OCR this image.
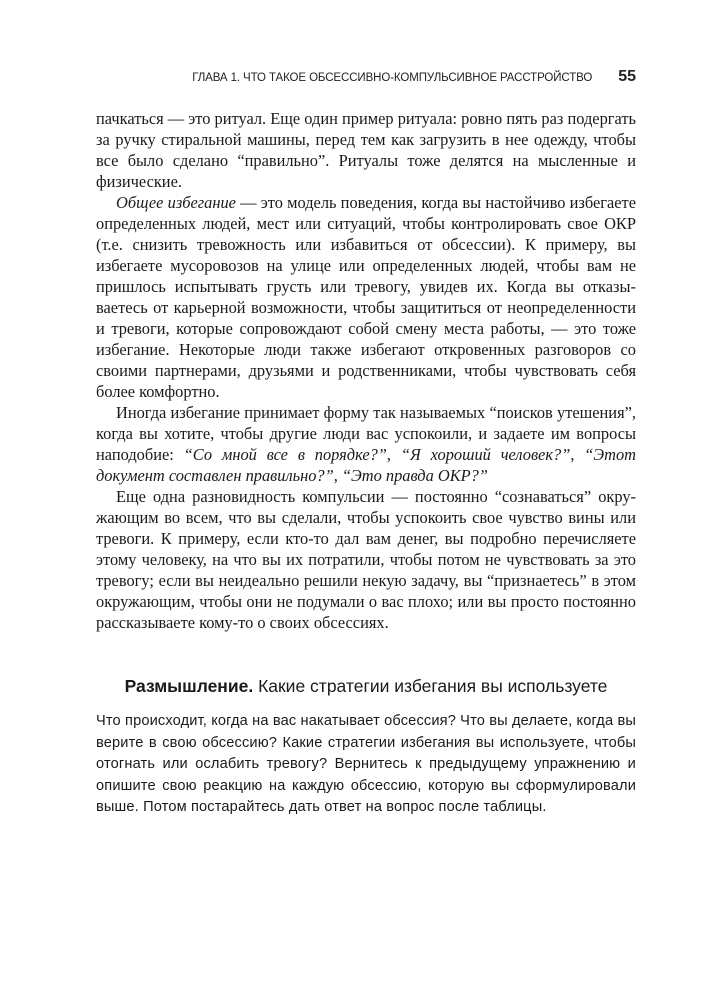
ГЛАВА 1. ЧТО ТАКОЕ ОБСЕССИВНО-КОМПУЛЬСИВНОЕ РАССТРОЙСТВО 55

пачкаться — это ритуал. Еще один пример ритуала: ровно пять раз подергать за ручку стиральной машины, перед тем как загрузить в нее одежду, чтобы все было сделано “правильно”. Ритуалы тоже делятся на мысленные и физические.

Общее избегание — это модель поведения, когда вы настойчиво избегаете определенных людей, мест или ситуаций, чтобы контролировать свое ОКР (т.е. снизить тревожность или избавиться от обсессии). К примеру, вы избегаете мусоровозов на улице или определенных людей, чтобы вам не пришлось испытывать грусть или тревогу, увидев их. Когда вы отказываетесь от карьерной возможности, чтобы защититься от неопределенности и тревоги, которые сопровождают собой смену места работы, — это тоже избегание. Некоторые люди также избегают откровенных разговоров со своими партнерами, друзьями и родственниками, чтобы чувствовать себя более комфортно.

Иногда избегание принимает форму так называемых “поисков утешения”, когда вы хотите, чтобы другие люди вас успокоили, и задаете им вопросы наподобие: “Со мной все в порядке?”, “Я хороший человек?”, “Этот документ составлен правильно?”, “Это правда ОКР?”

Еще одна разновидность компульсии — постоянно “сознаваться” окружающим во всем, что вы сделали, чтобы успокоить свое чувство вины или тревоги. К примеру, если кто-то дал вам денег, вы подробно перечисляете этому человеку, на что вы их потратили, чтобы потом не чувствовать за это тревогу; если вы неидеально решили некую задачу, вы “признаетесь” в этом окружающим, чтобы они не подумали о вас плохо; или вы просто постоянно рассказываете кому-то о своих обсессиях.

Размышление. Какие стратегии избегания вы используете

Что происходит, когда на вас накатывает обсессия? Что вы делаете, когда вы верите в свою обсессию? Какие стратегии избегания вы используете, чтобы отогнать или ослабить тревогу? Вернитесь к предыдущему упражнению и опишите свою реакцию на каждую обсессию, которую вы сформулировали выше. Потом постарайтесь дать ответ на вопрос после таблицы.
